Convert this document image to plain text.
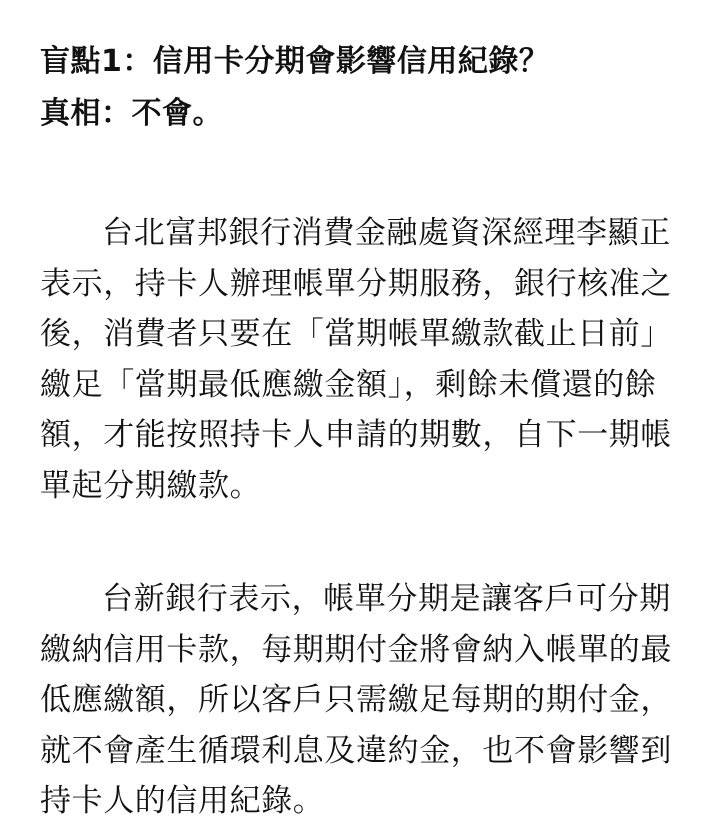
盲點1：信用卡分期會影響信用紀錄？
真相：不會。

台北富邦銀行消費金融處資深經理李顯正表示，持卡人辦理帳單分期服務，銀行核准之後，消費者只要在「當期帳單繳款截止日前」繳足「當期最低應繳金額」，剩餘未償還的餘額，才能按照持卡人申請的期數，自下一期帳單起分期繳款。

台新銀行表示，帳單分期是讓客戶可分期繳納信用卡款，每期期付金將會納入帳單的最低應繳額，所以客戶只需繳足每期的期付金，就不會產生循環利息及違約金，也不會影響到持卡人的信用紀錄。
